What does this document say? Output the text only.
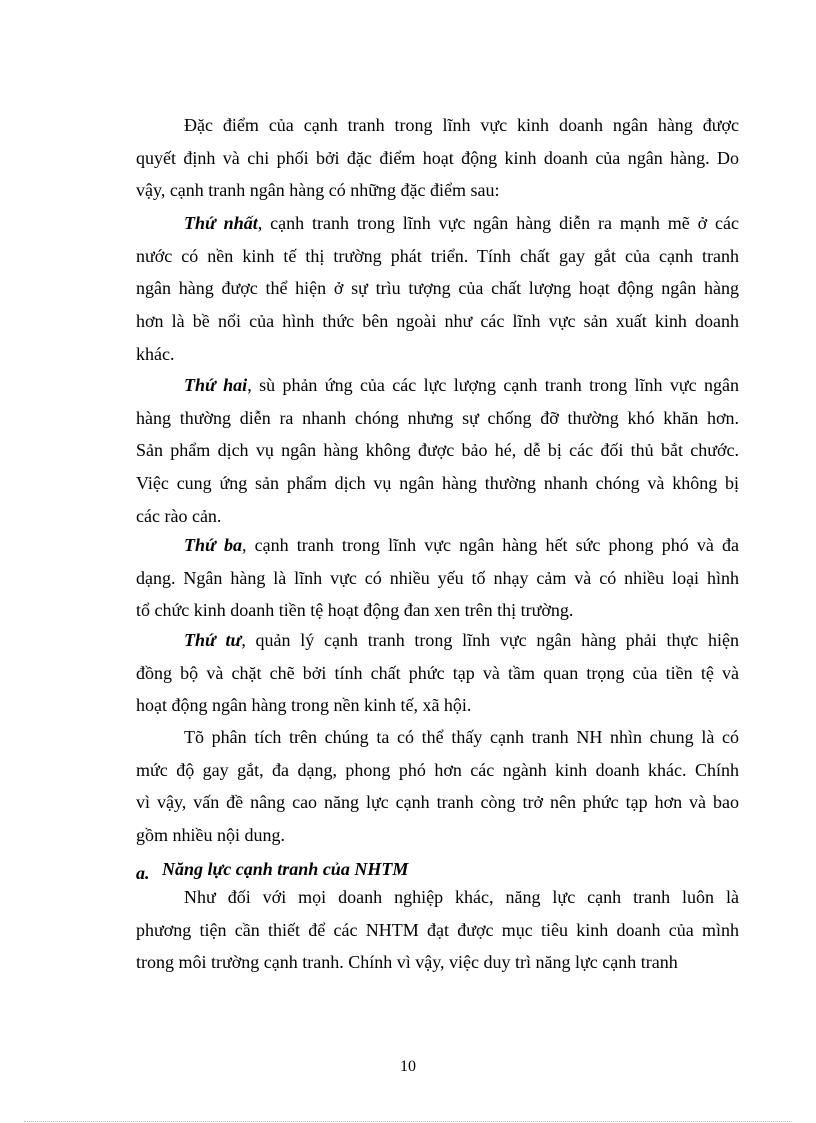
Đặc điểm của cạnh tranh trong lĩnh vực kinh doanh ngân hàng được
quyết định và chi phối bởi đặc điểm hoạt động kinh doanh của ngân hàng. Do
vậy, cạnh tranh ngân hàng có những đặc điểm sau:
Thứ nhất, cạnh tranh trong lĩnh vực ngân hàng diễn ra mạnh mẽ ở các
nước có nền kinh tế thị trường phát triển. Tính chất gay gắt của cạnh tranh
ngân hàng được thể hiện ở sự trìu tượng của chất lượng hoạt động ngân hàng
hơn là bề nổi của hình thức bên ngoài như các lĩnh vực sản xuất kinh doanh
khác.
Thứ hai, sù phản ứng của các lực lượng cạnh tranh trong lĩnh vực ngân
hàng thường diễn ra nhanh chóng nhưng sự chống đỡ thường khó khăn hơn.
Sản phẩm dịch vụ ngân hàng không được bảo hé, dễ bị các đối thủ bắt chước.
Việc cung ứng sản phẩm dịch vụ ngân hàng thường nhanh chóng và không bị
các rào cản.
Thứ ba, cạnh tranh trong lĩnh vực ngân hàng hết sức phong phó và đa
dạng. Ngân hàng là lĩnh vực có nhiều yếu tố nhạy cảm và có nhiều loại hình
tổ chức kinh doanh tiền tệ hoạt động đan xen trên thị trường.
Thứ tư, quản lý cạnh tranh trong lĩnh vực ngân hàng phải thực hiện
đồng bộ và chặt chẽ bởi tính chất phức tạp và tầm quan trọng của tiền tệ và
hoạt động ngân hàng trong nền kinh tế, xã hội.
Tõ phân tích trên chúng ta có thể thấy cạnh tranh NH nhìn chung là có
mức độ gay gắt, đa dạng, phong phó hơn các ngành kinh doanh khác. Chính
vì vậy, vấn đề nâng cao năng lực cạnh tranh còng trở nên phức tạp hơn và bao
gồm nhiều nội dung.
a. Năng lực cạnh tranh của NHTM
Như đối với mọi doanh nghiệp khác, năng lực cạnh tranh luôn là
phương tiện cần thiết để các NHTM đạt được mục tiêu kinh doanh của mình
trong môi trường cạnh tranh. Chính vì vậy, việc duy trì năng lực cạnh tranh
10
